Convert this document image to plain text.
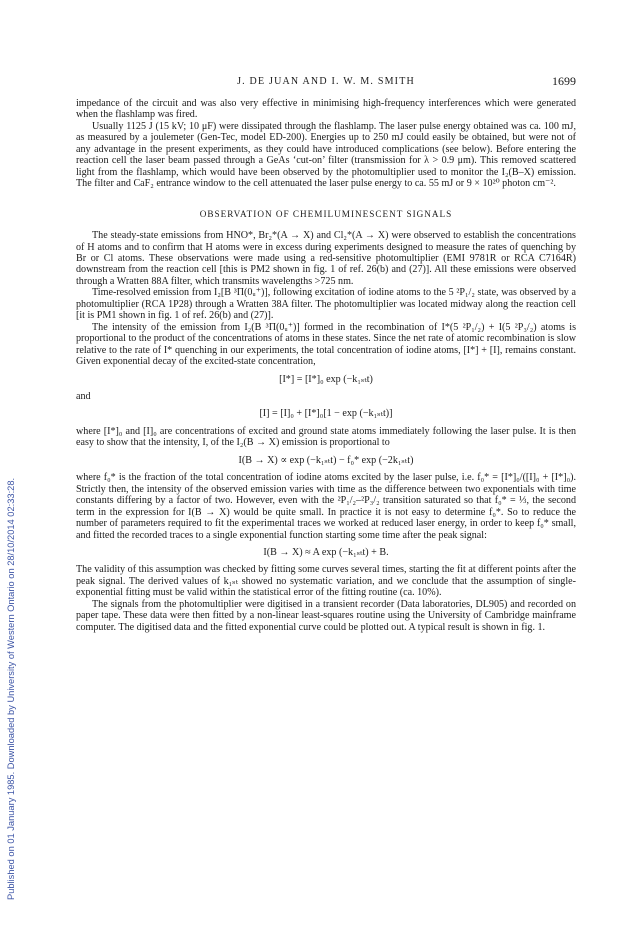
J. DE JUAN AND I. W. M. SMITH	1699
Published on 01 January 1985. Downloaded by University of Western Ontario on 28/10/2014 02:33:28.

impedance of the circuit and was also very effective in minimising high-frequency interferences which were generated when the flashlamp was fired.

Usually 1125 J (15 kV; 10 μF) were dissipated through the flashlamp. The laser pulse energy obtained was ca. 100 mJ, as measured by a joulemeter (Gen-Tec, model ED-200). Energies up to 250 mJ could easily be obtained, but were not of any advantage in the present experiments, as they could have introduced complications (see below). Before entering the reaction cell the laser beam passed through a GeAs ‘cut-on’ filter (transmission for λ > 0.9 μm). This removed scattered light from the flashlamp, which would have been observed by the photomultiplier used to monitor the I₂(B–X) emission. The filter and CaF₂ entrance window to the cell attenuated the laser pulse energy to ca. 55 mJ or 9 × 10²⁰ photon cm⁻².

OBSERVATION OF CHEMILUMINESCENT SIGNALS

The steady-state emissions from HNO*, Br₂*(A → X) and Cl₂*(A → X) were observed to establish the concentrations of H atoms and to confirm that H atoms were in excess during experiments designed to measure the rates of quenching by Br or Cl atoms. These observations were made using a red-sensitive photomultiplier (EMI 9781R or RCA C7164R) downstream from the reaction cell [this is PM2 shown in fig. 1 of ref. 26(b) and (27)]. All these emissions were observed through a Wratten 88A filter, which transmits wavelengths >725 nm.

Time-resolved emission from I₂[B ³Π(0ᵤ⁺)], following excitation of iodine atoms to the 5 ²P₁/₂ state, was observed by a photomultiplier (RCA 1P28) through a Wratten 38A filter. The photomultiplier was located midway along the reaction cell [it is PM1 shown in fig. 1 of ref. 26(b) and (27)].

The intensity of the emission from I₂(B ³Π(0ᵤ⁺)] formed in the recombination of I*(5 ²P₁/₂) + I(5 ²P₃/₂) atoms is proportional to the product of the concentrations of atoms in these states. Since the net rate of atomic recombination is slow relative to the rate of I* quenching in our experiments, the total concentration of iodine atoms, [I*] + [I], remains constant. Given exponential decay of the excited-state concentration,

[I*] = [I*]₀ exp (−k₁ₛₜt)

and

[I] = [I]₀ + [I*]₀[1 − exp (−k₁ₛₜt)]

where [I*]₀ and [I]₀ are concentrations of excited and ground state atoms immediately following the laser pulse. It is then easy to show that the intensity, I, of the I₂(B → X) emission is proportional to

I(B → X) ∝ exp (−k₁ₛₜt) − f₀* exp (−2k₁ₛₜt)

where f₀* is the fraction of the total concentration of iodine atoms excited by the laser pulse, i.e. f₀* = [I*]₀/([I]₀ + [I*]₀). Strictly then, the intensity of the observed emission varies with time as the difference between two exponentials with time constants differing by a factor of two. However, even with the ²P₁/₂–²P₃/₂ transition saturated so that f₀* = ⅓, the second term in the expression for I(B → X) would be quite small. In practice it is not easy to determine f₀*. So to reduce the number of parameters required to fit the experimental traces we worked at reduced laser energy, in order to keep f₀* small, and fitted the recorded traces to a single exponential function starting some time after the peak signal:

I(B → X) ≈ A exp (−k₁ₛₜt) + B.

The validity of this assumption was checked by fitting some curves several times, starting the fit at different points after the peak signal. The derived values of k₁ₛₜ showed no systematic variation, and we conclude that the assumption of single-exponential fitting must be valid within the statistical error of the fitting routine (ca. 10%).

The signals from the photomultiplier were digitised in a transient recorder (Data laboratories, DL905) and recorded on paper tape. These data were then fitted by a non-linear least-squares routine using the University of Cambridge mainframe computer. The digitised data and the fitted exponential curve could be plotted out. A typical result is shown in fig. 1.
